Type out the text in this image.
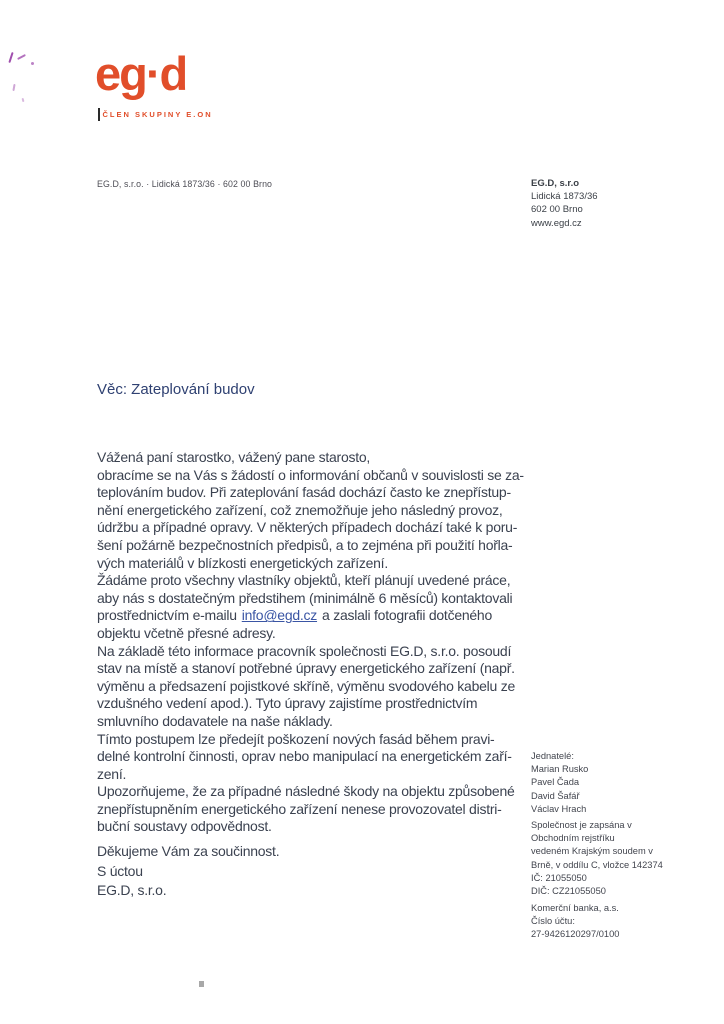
eg·d
ČLEN SKUPINY E.ON
EG.D, s.r.o. · Lidická 1873/36 · 602 00 Brno	EG.D, s.r.o
Lidická 1873/36
602 00 Brno
www.egd.cz
Věc: Zateplování budov
Vážená paní starostko, vážený pane starosto,
obracíme se na Vás s žádostí o informování občanů v souvislosti se za-
teplováním budov. Při zateplování fasád dochází často ke znepřístup-
nění energetického zařízení, což znemožňuje jeho následný provoz,
údržbu a případné opravy. V některých případech dochází také k poru-
šení požárně bezpečnostních předpisů, a to zejména při použití hořla-
vých materiálů v blízkosti energetických zařízení.
Žádáme proto všechny vlastníky objektů, kteří plánují uvedené práce,
aby nás s dostatečným předstihem (minimálně 6 měsíců) kontaktovali
prostřednictvím e-mailu info@egd.cz a zaslali fotografii dotčeného
objektu včetně přesné adresy.
Na základě této informace pracovník společnosti EG.D, s.r.o. posoudí
stav na místě a stanoví potřebné úpravy energetického zařízení (např.
výměnu a předsazení pojistkové skříně, výměnu svodového kabelu ze
vzdušného vedení apod.). Tyto úpravy zajistíme prostřednictvím
smluvního dodavatele na naše náklady.
Tímto postupem lze předejít poškození nových fasád během pravi-
delné kontrolní činnosti, oprav nebo manipulací na energetickém zaří-
zení.
Upozorňujeme, že za případné následné škody na objektu způsobené
znepřístupněním energetického zařízení nenese provozovatel distri-
buční soustavy odpovědnost.
Děkujeme Vám za součinnost.
S úctou
EG.D, s.r.o.
Jednatelé:
Marian Rusko
Pavel Čada
David Šafář
Václav Hrach
Společnost je zapsána v
Obchodním rejstříku
vedeném Krajským soudem v
Brně, v oddílu C, vložce 142374
IČ: 21055050
DIČ: CZ21055050
Komerční banka, a.s.
Číslo účtu:
27-9426120297/0100
